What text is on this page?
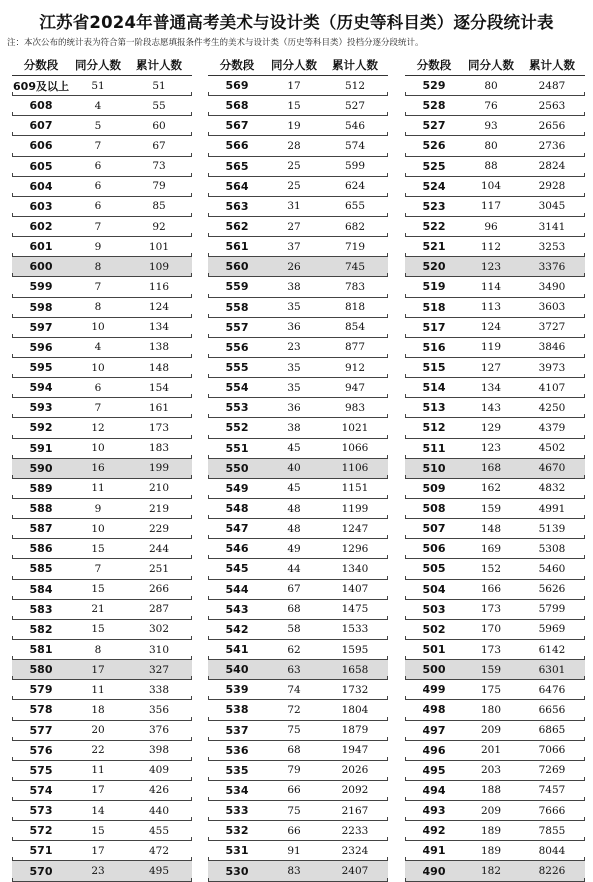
江苏省2024年普通高考美术与设计类（历史等科目类）逐分段统计表
注：本次公布的统计表为符合第一阶段志愿填报条件考生的美术与设计类（历史等科目类）投档分逐分段统计。
分数段	同分人数	累计人数
609及以上	51	51
608	4	55
607	5	60
606	7	67
605	6	73
604	6	79
603	6	85
602	7	92
601	9	101
600	8	109
599	7	116
598	8	124
597	10	134
596	4	138
595	10	148
594	6	154
593	7	161
592	12	173
591	10	183
590	16	199
589	11	210
588	9	219
587	10	229
586	15	244
585	7	251
584	15	266
583	21	287
582	15	302
581	8	310
580	17	327
579	11	338
578	18	356
577	20	376
576	22	398
575	11	409
574	17	426
573	14	440
572	15	455
571	17	472
570	23	495
分数段	同分人数	累计人数
569	17	512
568	15	527
567	19	546
566	28	574
565	25	599
564	25	624
563	31	655
562	27	682
561	37	719
560	26	745
559	38	783
558	35	818
557	36	854
556	23	877
555	35	912
554	35	947
553	36	983
552	38	1021
551	45	1066
550	40	1106
549	45	1151
548	48	1199
547	48	1247
546	49	1296
545	44	1340
544	67	1407
543	68	1475
542	58	1533
541	62	1595
540	63	1658
539	74	1732
538	72	1804
537	75	1879
536	68	1947
535	79	2026
534	66	2092
533	75	2167
532	66	2233
531	91	2324
530	83	2407
分数段	同分人数	累计人数
529	80	2487
528	76	2563
527	93	2656
526	80	2736
525	88	2824
524	104	2928
523	117	3045
522	96	3141
521	112	3253
520	123	3376
519	114	3490
518	113	3603
517	124	3727
516	119	3846
515	127	3973
514	134	4107
513	143	4250
512	129	4379
511	123	4502
510	168	4670
509	162	4832
508	159	4991
507	148	5139
506	169	5308
505	152	5460
504	166	5626
503	173	5799
502	170	5969
501	173	6142
500	159	6301
499	175	6476
498	180	6656
497	209	6865
496	201	7066
495	203	7269
494	188	7457
493	209	7666
492	189	7855
491	189	8044
490	182	8226
